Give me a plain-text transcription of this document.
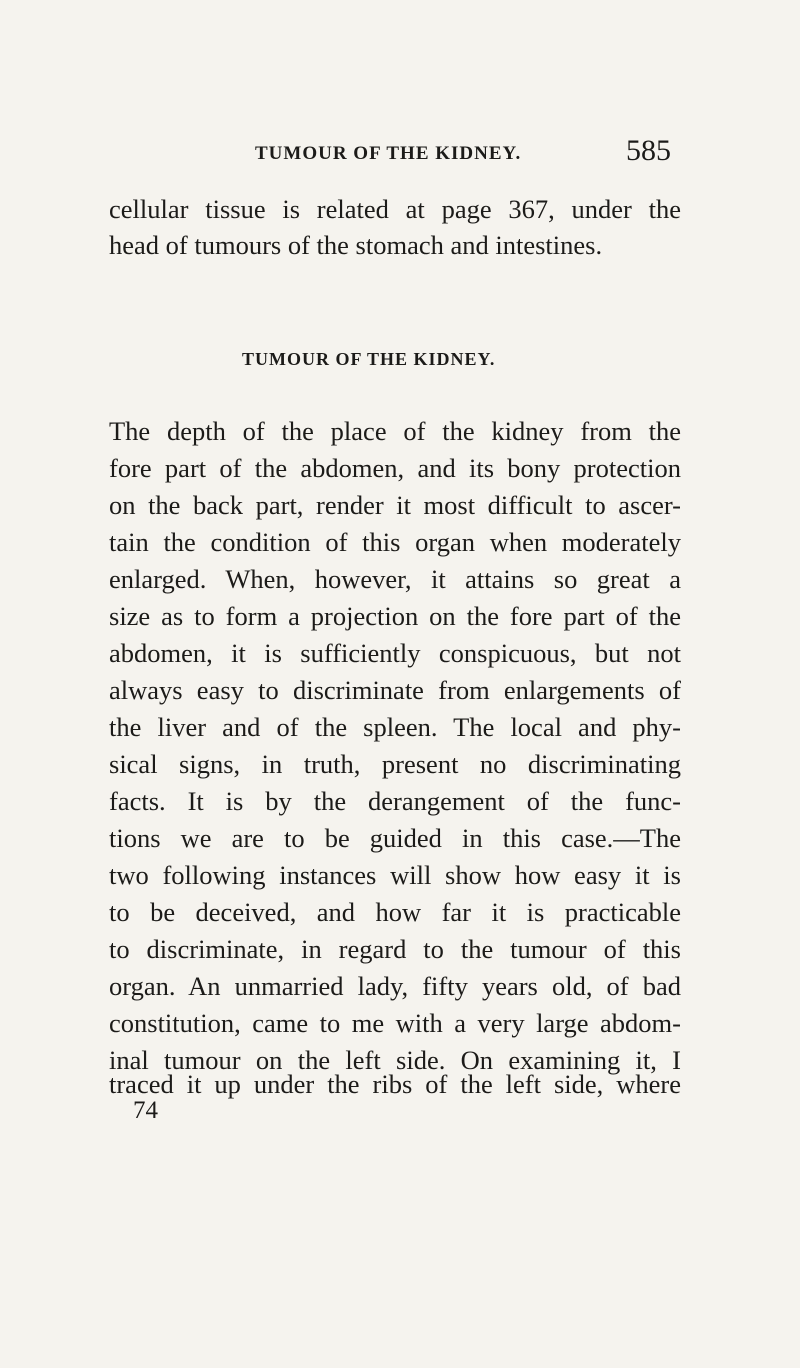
TUMOUR OF THE KIDNEY.	585
cellular tissue is related at page 367, under the
head of tumours of the stomach and intestines.
TUMOUR OF THE KIDNEY.
The depth of the place of the kidney from the
fore part of the abdomen, and its bony protection
on the back part, render it most difficult to ascer-
tain the condition of this organ when moderately
enlarged. When, however, it attains so great a
size as to form a projection on the fore part of the
abdomen, it is sufficiently conspicuous, but not
always easy to discriminate from enlargements of
the liver and of the spleen. The local and phy-
sical signs, in truth, present no discriminating
facts. It is by the derangement of the func-
tions we are to be guided in this case.—The
two following instances will show how easy it is
to be deceived, and how far it is practicable
to discriminate, in regard to the tumour of this
organ. An unmarried lady, fifty years old, of bad
constitution, came to me with a very large abdom-
inal tumour on the left side. On examining it, I
traced it up under the ribs of the left side, where
74
